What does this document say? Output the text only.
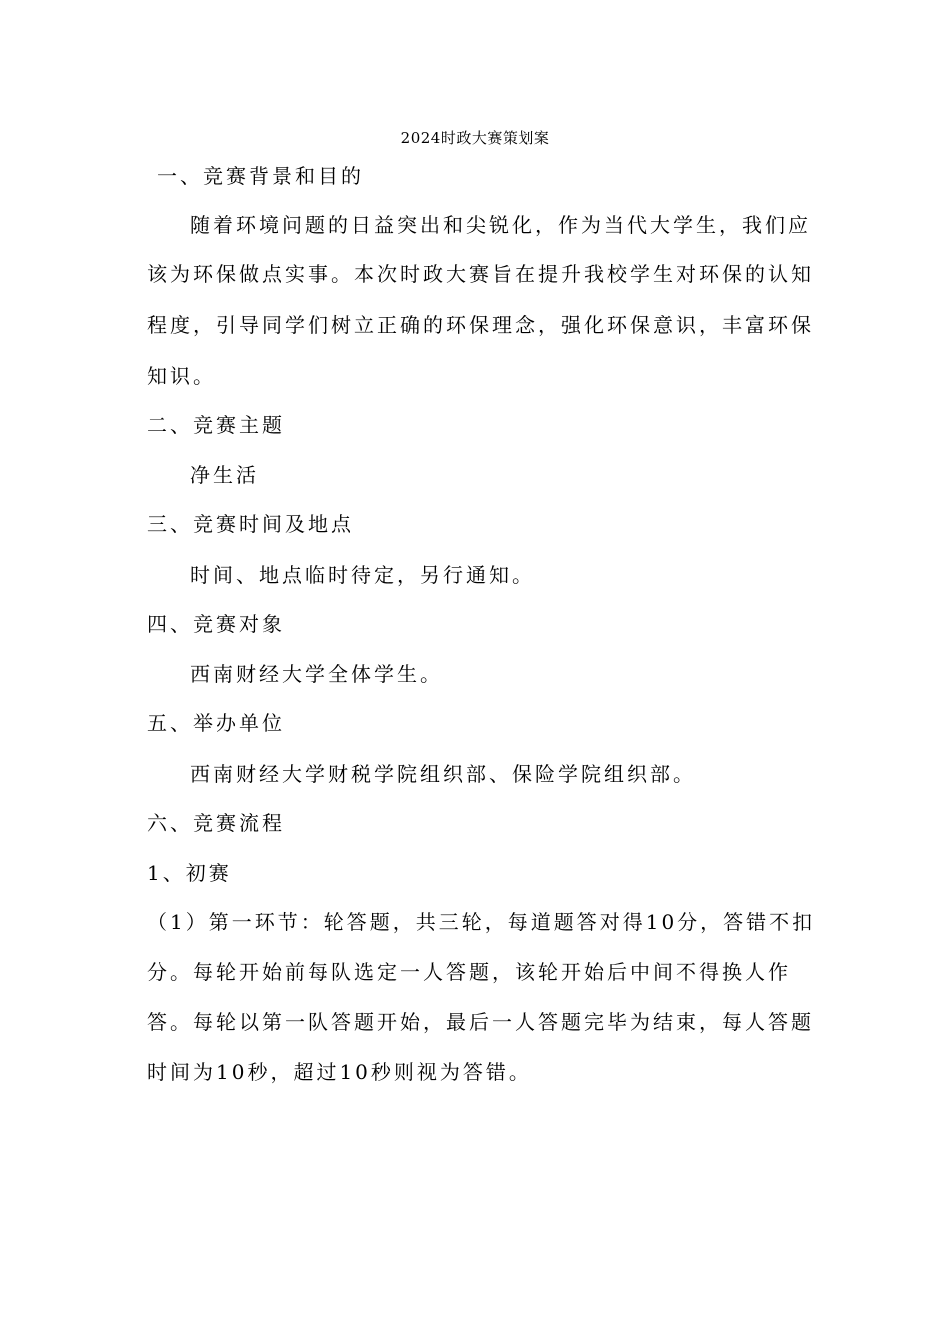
2024时政大赛策划案
一、竞赛背景和目的
随着环境问题的日益突出和尖锐化，作为当代大学生，我们应
该为环保做点实事。本次时政大赛旨在提升我校学生对环保的认知
程度，引导同学们树立正确的环保理念，强化环保意识，丰富环保
知识。
二、竞赛主题
净生活
三、竞赛时间及地点
时间、地点临时待定，另行通知。
四、竞赛对象
西南财经大学全体学生。
五、举办单位
西南财经大学财税学院组织部、保险学院组织部。
六、竞赛流程
1、初赛
（1）第一环节：轮答题，共三轮，每道题答对得10分，答错不扣
分。每轮开始前每队选定一人答题，该轮开始后中间不得换人作
答。每轮以第一队答题开始，最后一人答题完毕为结束，每人答题
时间为10秒，超过10秒则视为答错。
